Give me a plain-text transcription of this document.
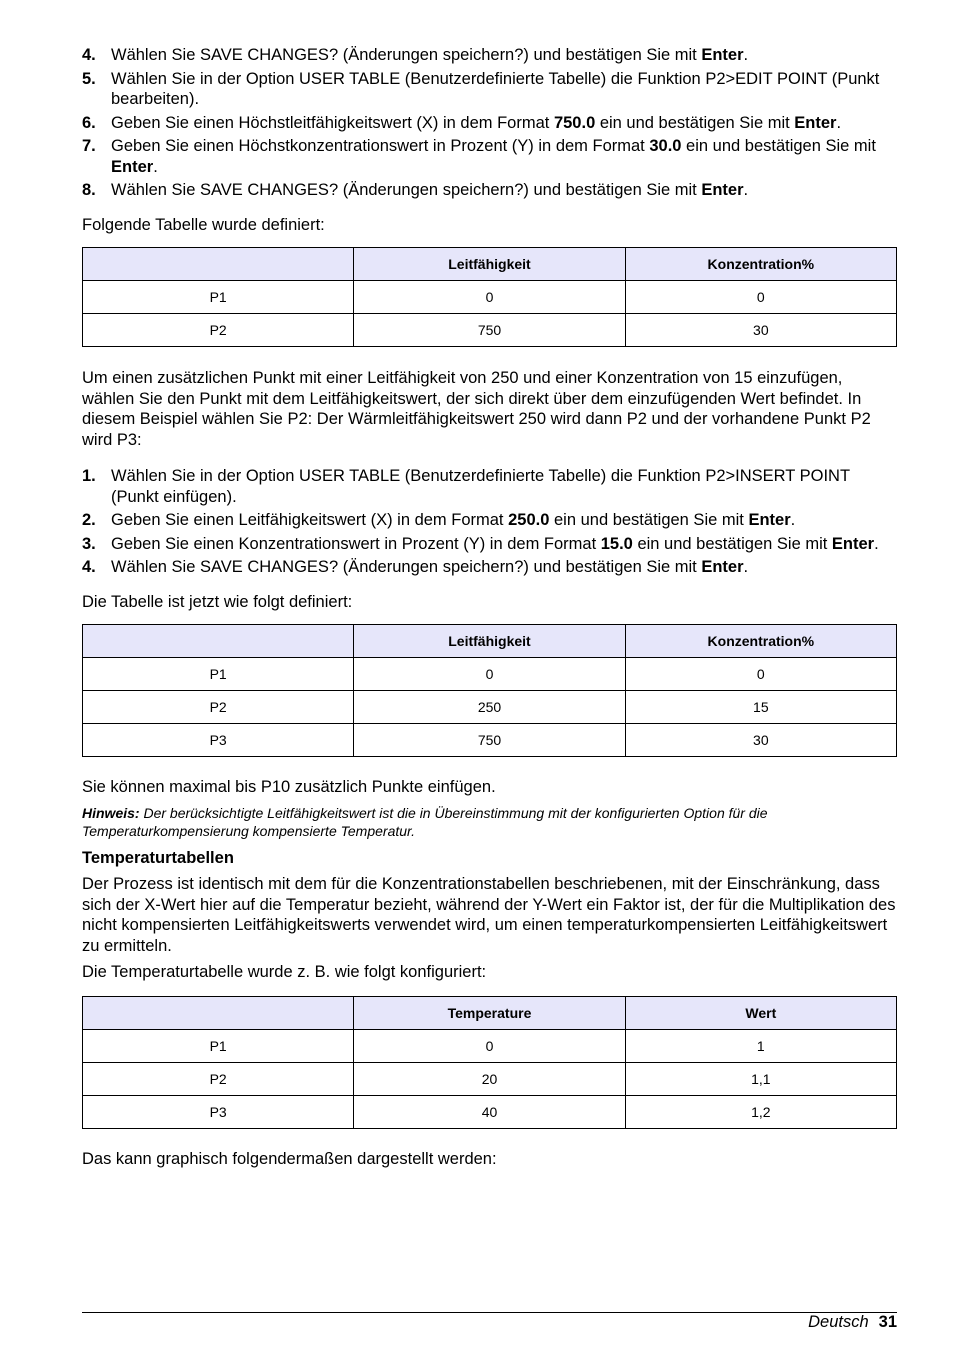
4. Wählen Sie SAVE CHANGES? (Änderungen speichern?) und bestätigen Sie mit Enter.
5. Wählen Sie in der Option USER TABLE (Benutzerdefinierte Tabelle) die Funktion P2>EDIT POINT (Punkt bearbeiten).
6. Geben Sie einen Höchstleitfähigkeitswert (X) in dem Format 750.0 ein und bestätigen Sie mit Enter.
7. Geben Sie einen Höchstkonzentrationswert in Prozent (Y) in dem Format 30.0 ein und bestätigen Sie mit Enter.
8. Wählen Sie SAVE CHANGES? (Änderungen speichern?) und bestätigen Sie mit Enter.

Folgende Tabelle wurde definiert:

	Leitfähigkeit	Konzentration%
P1	0	0
P2	750	30

Um einen zusätzlichen Punkt mit einer Leitfähigkeit von 250 und einer Konzentration von 15 einzufügen, wählen Sie den Punkt mit dem Leitfähigkeitswert, der sich direkt über dem einzufügenden Wert befindet. In diesem Beispiel wählen Sie P2: Der Wärmleitfähigkeitswert 250 wird dann P2 und der vorhandene Punkt P2 wird P3:

1. Wählen Sie in der Option USER TABLE (Benutzerdefinierte Tabelle) die Funktion P2>INSERT POINT (Punkt einfügen).
2. Geben Sie einen Leitfähigkeitswert (X) in dem Format 250.0 ein und bestätigen Sie mit Enter.
3. Geben Sie einen Konzentrationswert in Prozent (Y) in dem Format 15.0 ein und bestätigen Sie mit Enter.
4. Wählen Sie SAVE CHANGES? (Änderungen speichern?) und bestätigen Sie mit Enter.

Die Tabelle ist jetzt wie folgt definiert:

	Leitfähigkeit	Konzentration%
P1	0	0
P2	250	15
P3	750	30

Sie können maximal bis P10 zusätzlich Punkte einfügen.

Hinweis: Der berücksichtigte Leitfähigkeitswert ist die in Übereinstimmung mit der konfigurierten Option für die Temperaturkompensierung kompensierte Temperatur.

Temperaturtabellen

Der Prozess ist identisch mit dem für die Konzentrationstabellen beschriebenen, mit der Einschränkung, dass sich der X-Wert hier auf die Temperatur bezieht, während der Y-Wert ein Faktor ist, der für die Multiplikation des nicht kompensierten Leitfähigkeitswerts verwendet wird, um einen temperaturkompensierten Leitfähigkeitswert zu ermitteln.

Die Temperaturtabelle wurde z. B. wie folgt konfiguriert:

	Temperature	Wert
P1	0	1
P2	20	1,1
P3	40	1,2

Das kann graphisch folgendermaßen dargestellt werden:

Deutsch 31
